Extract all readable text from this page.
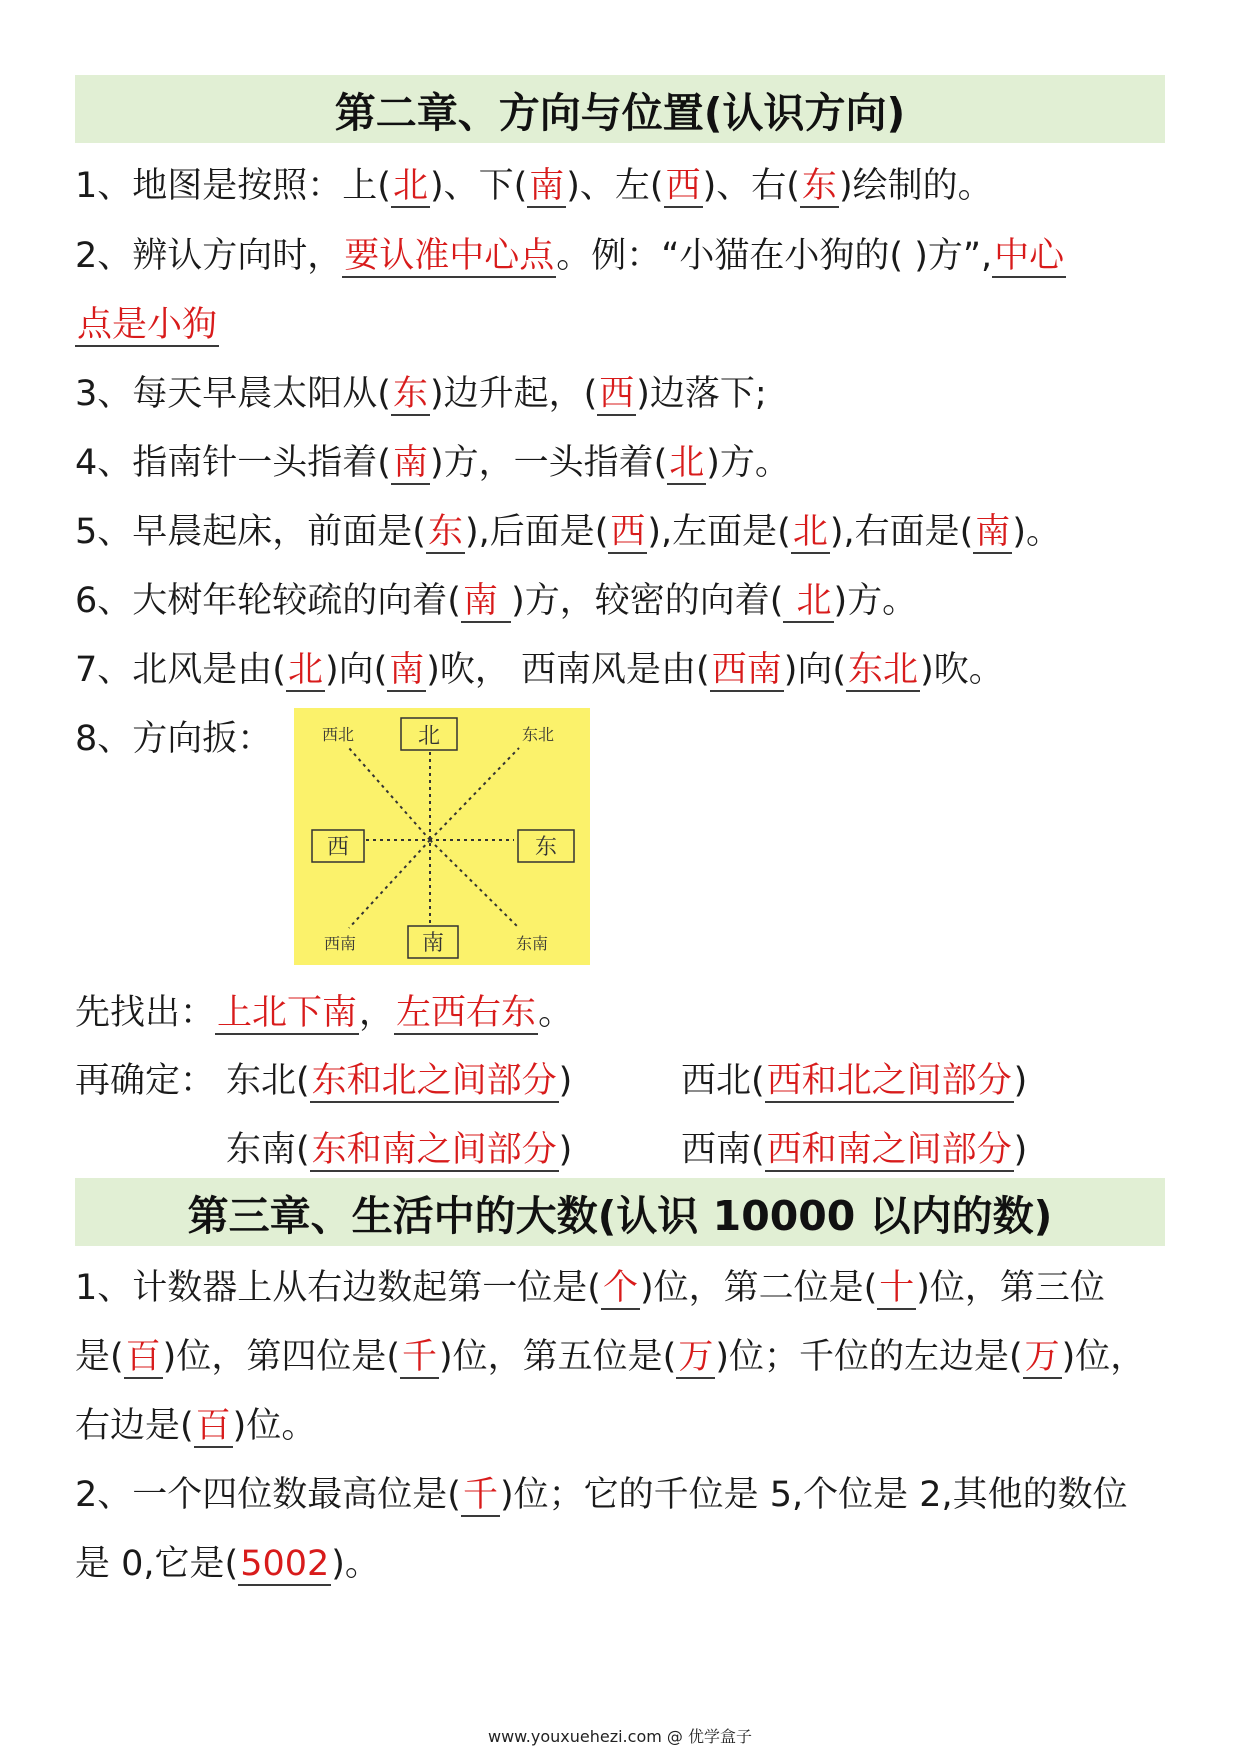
第二章、方向与位置(认识方向)
1、地图是按照：上(北)、下(南)、左(西)、右(东)绘制的。
2、辨认方向时，要认准中心点。例：“小猫在小狗的( )方”,中心
点是小狗
3、每天早晨太阳从(东)边升起，(西)边落下;
4、指南针一头指着(南)方，一头指着(北)方。
5、早晨起床，前面是(东),后面是(西),左面是(北),右面是(南)。
6、大树年轮较疏的向着(南 )方，较密的向着( 北)方。
7、北风是由(北)向(南)吹， 西南风是由(西南)向(东北)吹。
8、方向扳：	北
西	东
南
西北	东北
西南	东南
先找出：上北下南，左西右东。
再确定： 东北(东和北之间部分)	西北(西和北之间部分)
东南(东和南之间部分)	西南(西和南之间部分)
第三章、生活中的大数(认识 10000 以内的数)
1、计数器上从右边数起第一位是(个)位，第二位是(十)位，第三位
是(百)位，第四位是(千)位，第五位是(万)位；千位的左边是(万)位，
右边是(百)位。
2、一个四位数最高位是(千)位；它的千位是 5,个位是 2,其他的数位
是 0,它是(5002)。
www.youxuehezi.com @ 优学盒子
